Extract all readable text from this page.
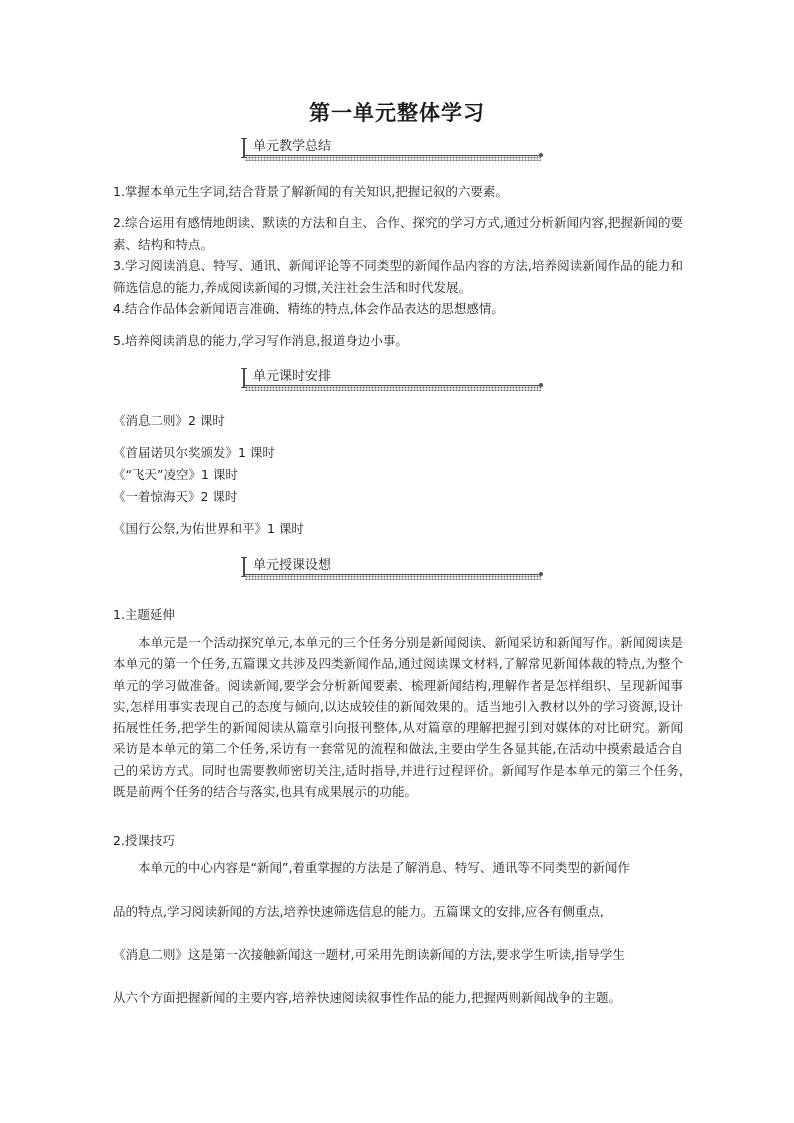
第一单元整体学习
单元教学总结
1.掌握本单元生字词,结合背景了解新闻的有关知识,把握记叙的六要素。
2.综合运用有感情地朗读、默读的方法和自主、合作、探究的学习方式,通过分析新闻内容,把握新闻的要素、结构和特点。
3.学习阅读消息、特写、通讯、新闻评论等不同类型的新闻作品内容的方法,培养阅读新闻作品的能力和筛选信息的能力,养成阅读新闻的习惯,关注社会生活和时代发展。
4.结合作品体会新闻语言准确、精练的特点,体会作品表达的思想感情。
5.培养阅读消息的能力,学习写作消息,报道身边小事。
单元课时安排
《消息二则》2 课时
《首届诺贝尔奖颁发》1 课时
《“飞天”凌空》1 课时
《一着惊海天》2 课时
《国行公祭,为佑世界和平》1 课时
单元授课设想
1.主题延伸
本单元是一个活动探究单元,本单元的三个任务分别是新闻阅读、新闻采访和新闻写作。新闻阅读是本单元的第一个任务,五篇课文共涉及四类新闻作品,通过阅读课文材料,了解常见新闻体裁的特点,为整个单元的学习做准备。阅读新闻,要学会分析新闻要素、梳理新闻结构,理解作者是怎样组织、呈现新闻事实,怎样用事实表现自己的态度与倾向,以达成较佳的新闻效果的。适当地引入教材以外的学习资源,设计拓展性任务,把学生的新闻阅读从篇章引向报刊整体,从对篇章的理解把握引到对媒体的对比研究。新闻采访是本单元的第二个任务,采访有一套常见的流程和做法,主要由学生各显其能,在活动中摸索最适合自己的采访方式。同时也需要教师密切关注,适时指导,并进行过程评价。新闻写作是本单元的第三个任务,既是前两个任务的结合与落实,也具有成果展示的功能。
2.授课技巧
本单元的中心内容是“新闻”,着重掌握的方法是了解消息、特写、通讯等不同类型的新闻作
品的特点,学习阅读新闻的方法,培养快速筛选信息的能力。五篇课文的安排,应各有侧重点,
《消息二则》这是第一次接触新闻这一题材,可采用先朗读新闻的方法,要求学生听读,指导学生
从六个方面把握新闻的主要内容,培养快速阅读叙事性作品的能力,把握两则新闻战争的主题。
